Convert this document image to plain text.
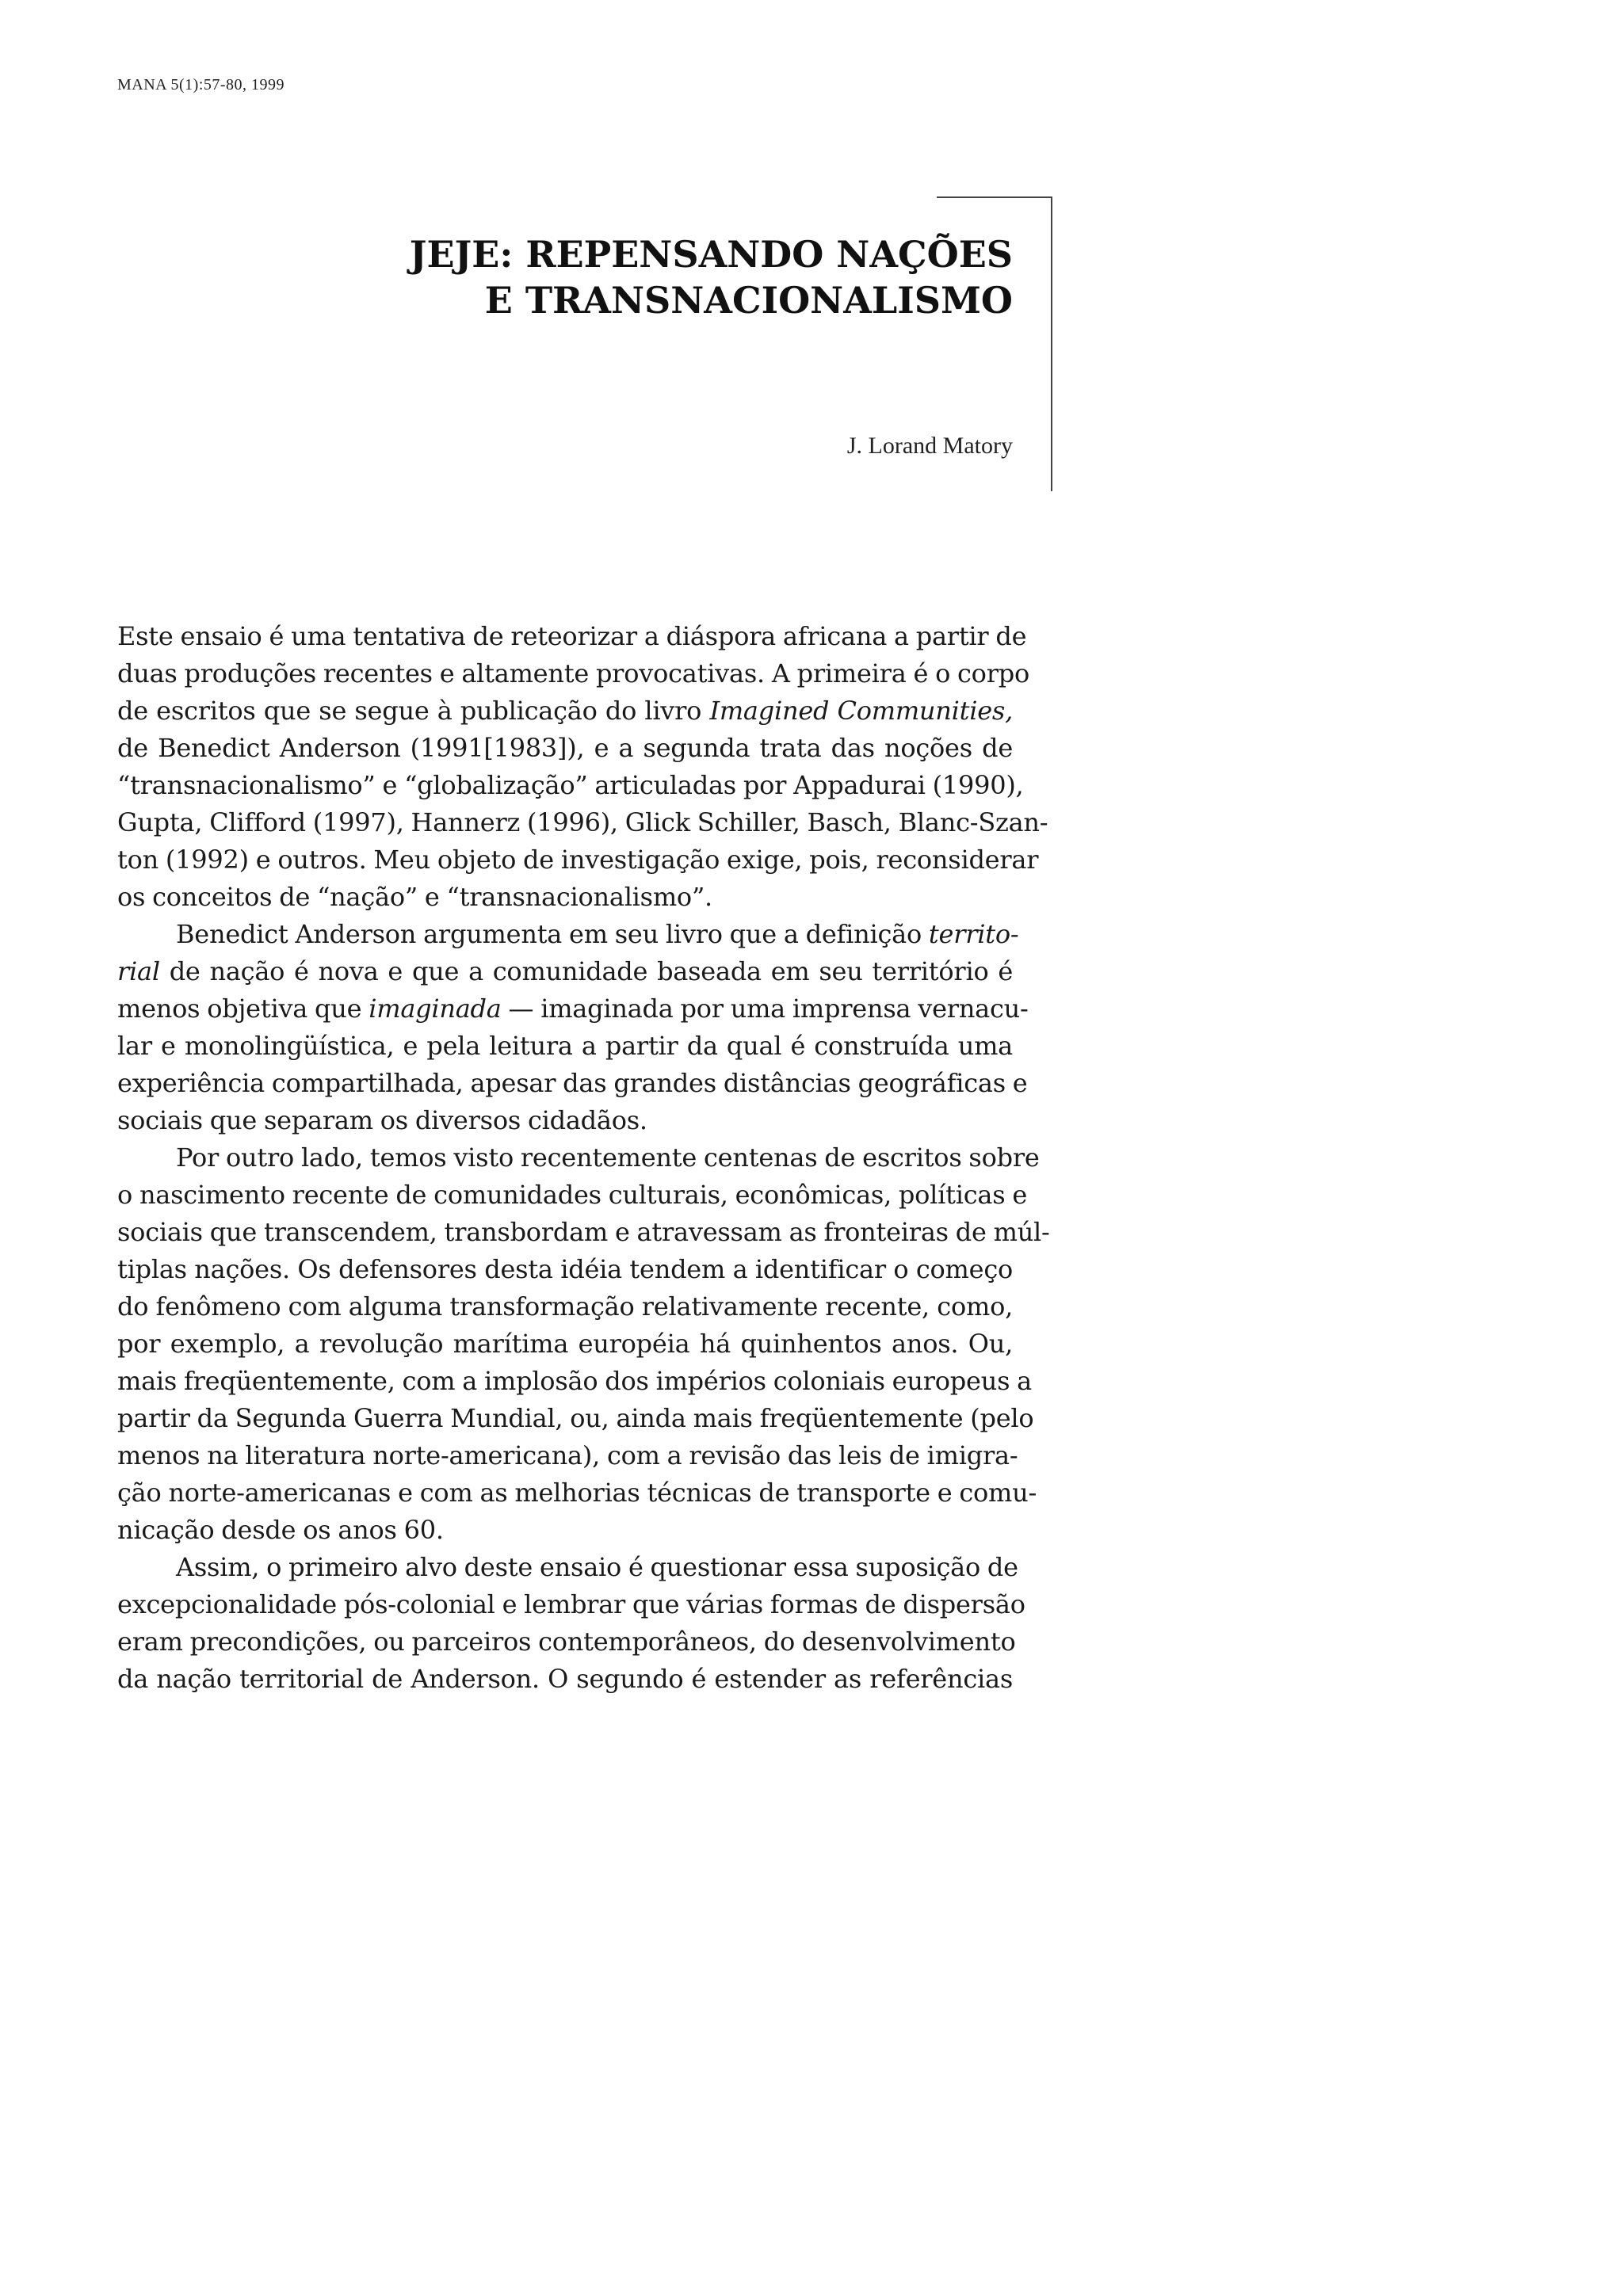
MANA 5(1):57-80, 1999
JEJE: REPENSANDO NAÇÕES
E TRANSNACIONALISMO
J. Lorand Matory
Este ensaio é uma tentativa de reteorizar a diáspora africana a partir de
duas produções recentes e altamente provocativas. A primeira é o corpo
de escritos que se segue à publicação do livro Imagined Communities,
de Benedict Anderson (1991[1983]), e a segunda trata das noções de
“transnacionalismo” e “globalização” articuladas por Appadurai (1990),
Gupta, Clifford (1997), Hannerz (1996), Glick Schiller, Basch, Blanc-Szan-
ton (1992) e outros. Meu objeto de investigação exige, pois, reconsiderar
os conceitos de “nação” e “transnacionalismo”.
Benedict Anderson argumenta em seu livro que a definição territo-
rial de nação é nova e que a comunidade baseada em seu território é
menos objetiva que imaginada — imaginada por uma imprensa vernacu-
lar e monolingüística, e pela leitura a partir da qual é construída uma
experiência compartilhada, apesar das grandes distâncias geográficas e
sociais que separam os diversos cidadãos.
Por outro lado, temos visto recentemente centenas de escritos sobre
o nascimento recente de comunidades culturais, econômicas, políticas e
sociais que transcendem, transbordam e atravessam as fronteiras de múl-
tiplas nações. Os defensores desta idéia tendem a identificar o começo
do fenômeno com alguma transformação relativamente recente, como,
por exemplo, a revolução marítima européia há quinhentos anos. Ou,
mais freqüentemente, com a implosão dos impérios coloniais europeus a
partir da Segunda Guerra Mundial, ou, ainda mais freqüentemente (pelo
menos na literatura norte-americana), com a revisão das leis de imigra-
ção norte-americanas e com as melhorias técnicas de transporte e comu-
nicação desde os anos 60.
Assim, o primeiro alvo deste ensaio é questionar essa suposição de
excepcionalidade pós-colonial e lembrar que várias formas de dispersão
eram precondições, ou parceiros contemporâneos, do desenvolvimento
da nação territorial de Anderson. O segundo é estender as referências
